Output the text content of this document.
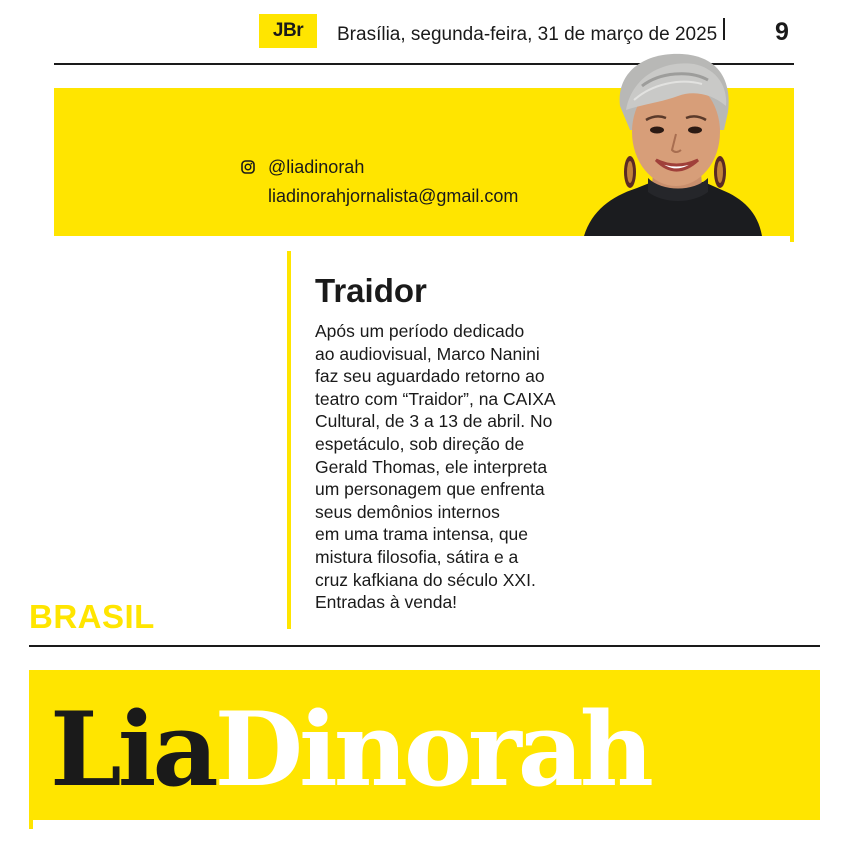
JBr	Brasília, segunda-feira, 31 de março de 2025 9
@liadinorah
liadinorahjornalista@gmail.com
Traidor
Após um período dedicado
ao audiovisual, Marco Nanini
faz seu aguardado retorno ao
teatro com “Traidor”, na CAIXA
Cultural, de 3 a 13 de abril. No
espetáculo, sob direção de
Gerald Thomas, ele interpreta
um personagem que enfrenta
seus demônios internos
em uma trama intensa, que
mistura filosofia, sátira e a
cruz kafkiana do século XXI.
Entradas à venda!
BRASIL
LiaDinorah
